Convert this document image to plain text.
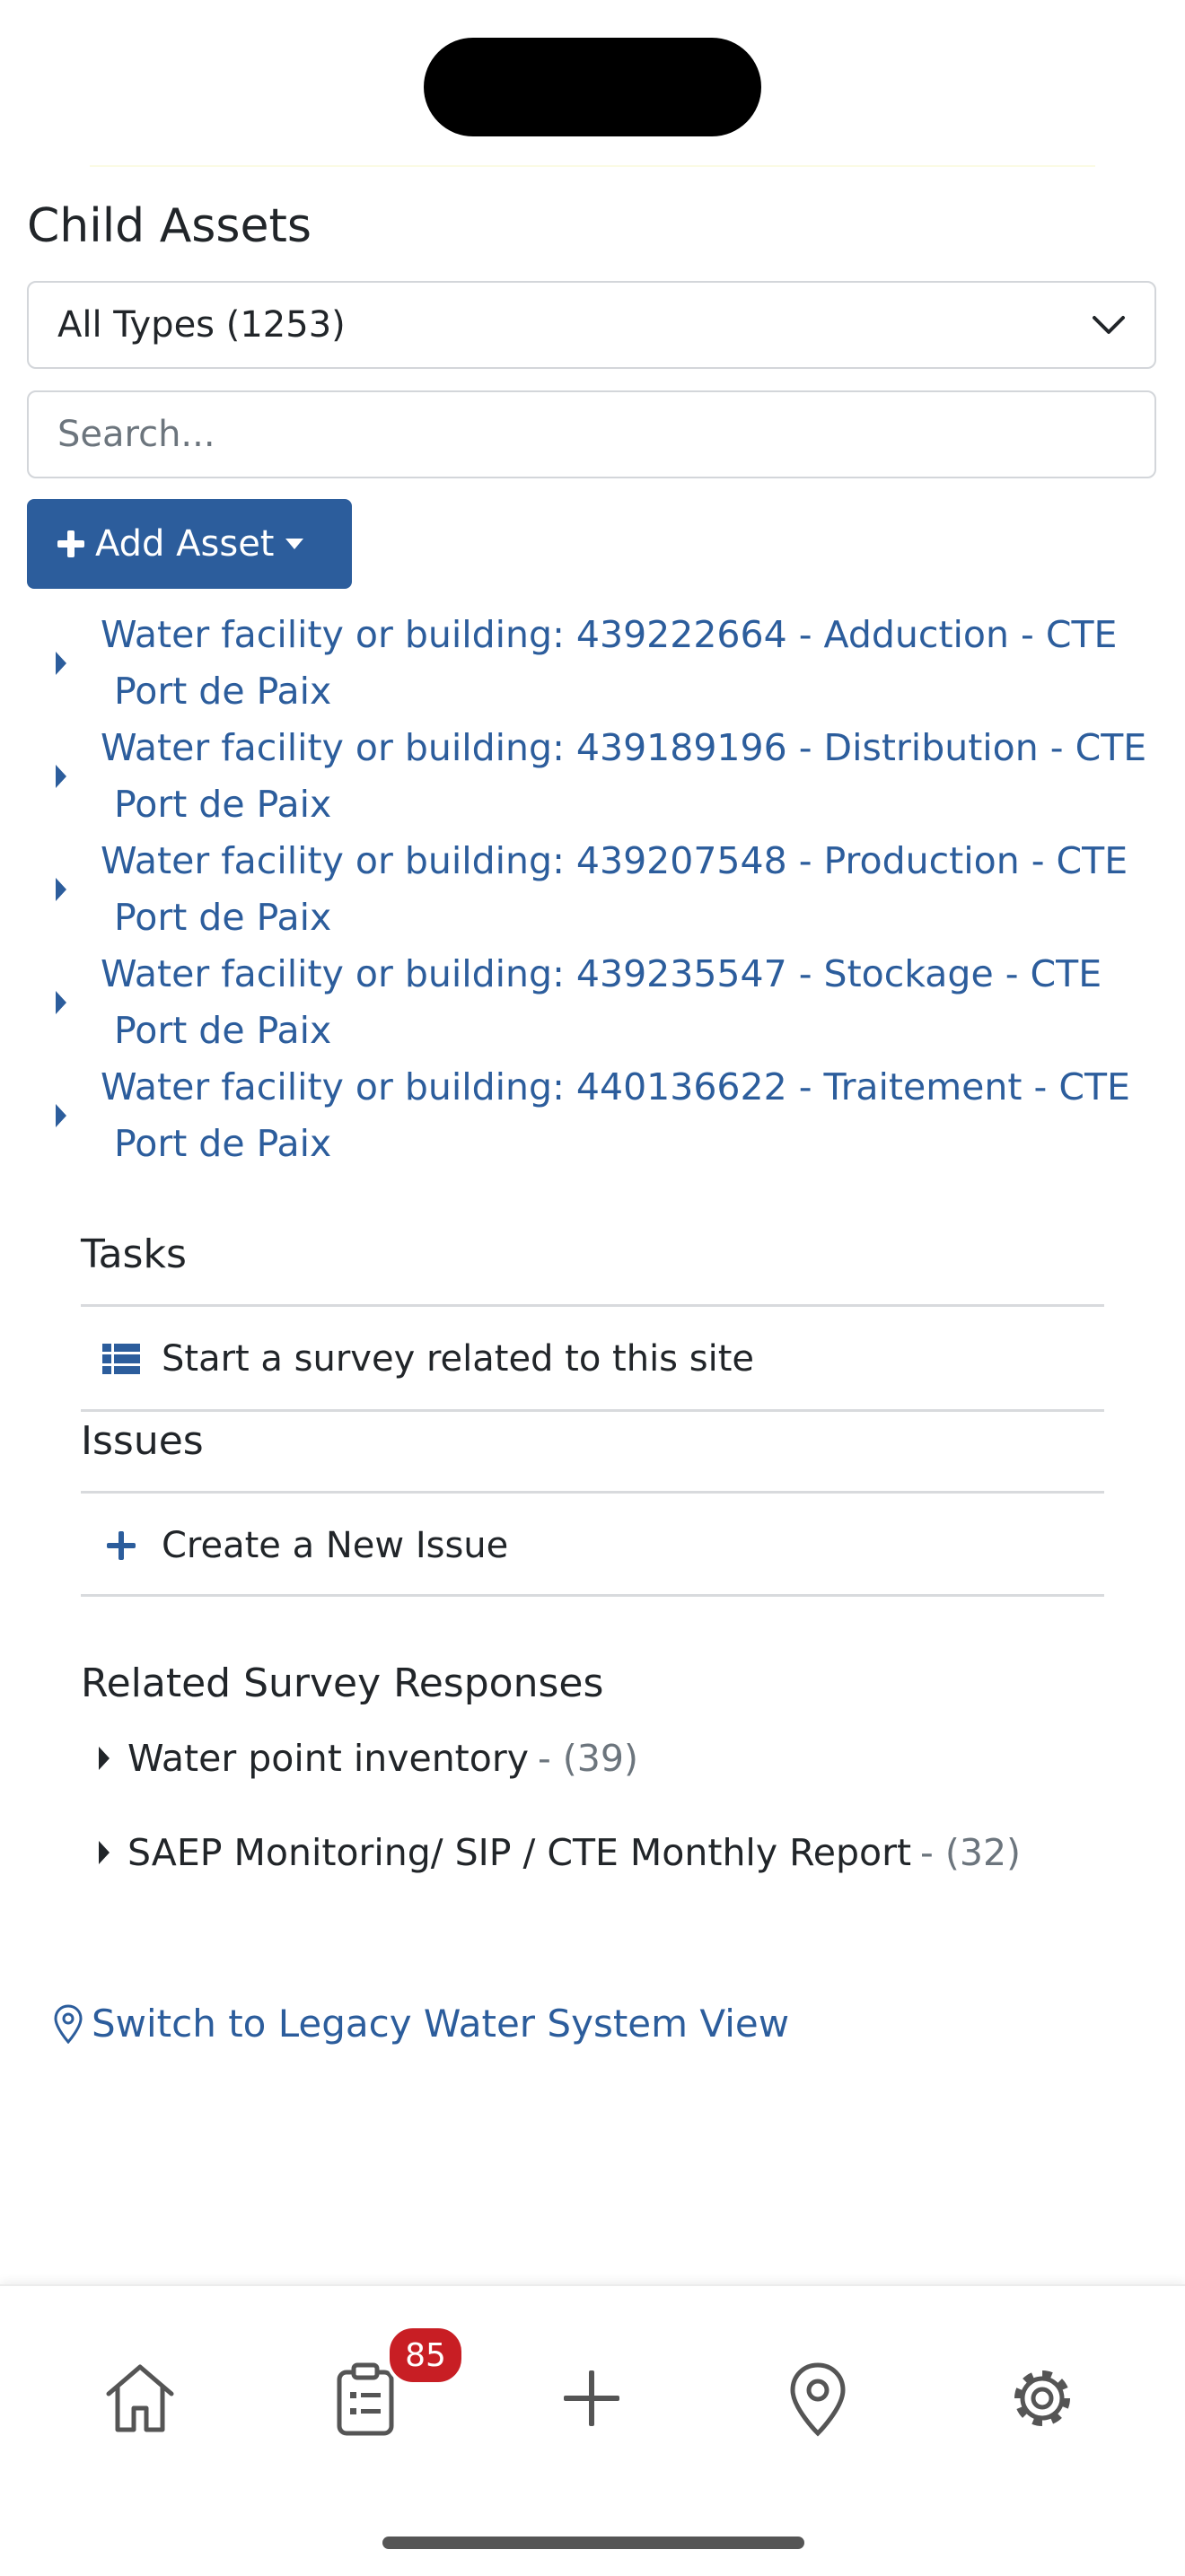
Child Assets
All Types (1253)
Search...
Add Asset
Water facility or building: 439222664 - Adduction - CTE
Port de Paix
Water facility or building: 439189196 - Distribution - CTE
Port de Paix
Water facility or building: 439207548 - Production - CTE
Port de Paix
Water facility or building: 439235547 - Stockage - CTE
Port de Paix
Water facility or building: 440136622 - Traitement - CTE
Port de Paix
Tasks
Start a survey related to this site
Issues
Create a New Issue
Related Survey Responses
Water point inventory - (39)
SAEP Monitoring/ SIP / CTE Monthly Report - (32)
Switch to Legacy Water System View
85
